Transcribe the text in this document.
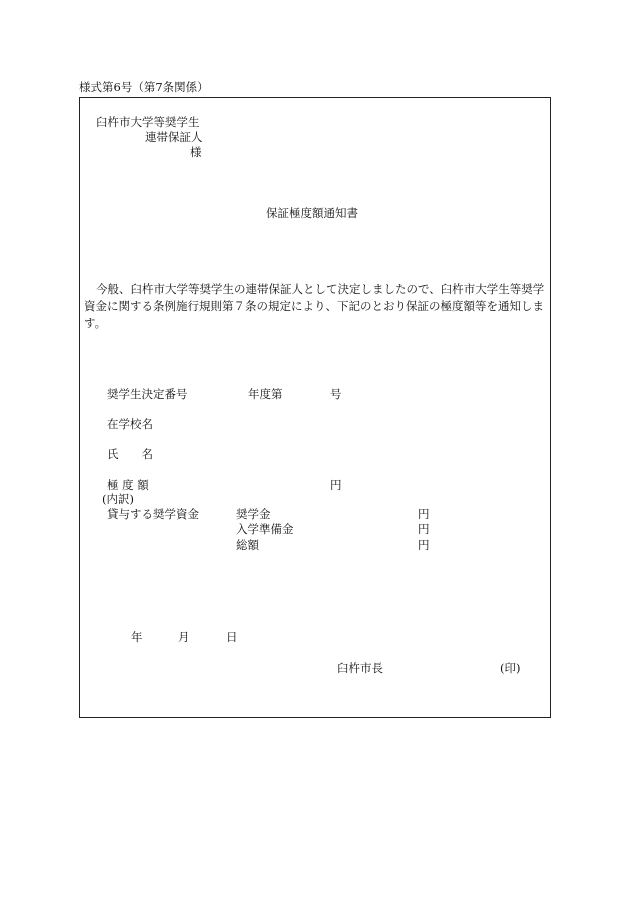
様式第6号（第7条関係）
臼杵市大学等奨学生
連帯保証人
様
保証極度額通知書
今般、臼杵市大学等奨学生の連帯保証人として決定しましたので、臼杵市大学生等奨学資金に関する条例施行規則第７条の規定により、下記のとおり保証の極度額等を通知します。
奨学生決定番号	年度第	号
在学校名
氏　　名
極 度 額	円
(内訳)
貸与する奨学資金	奨学金	円
入学準備金	円
総額	円
年	月	日
臼杵市長	(印)
